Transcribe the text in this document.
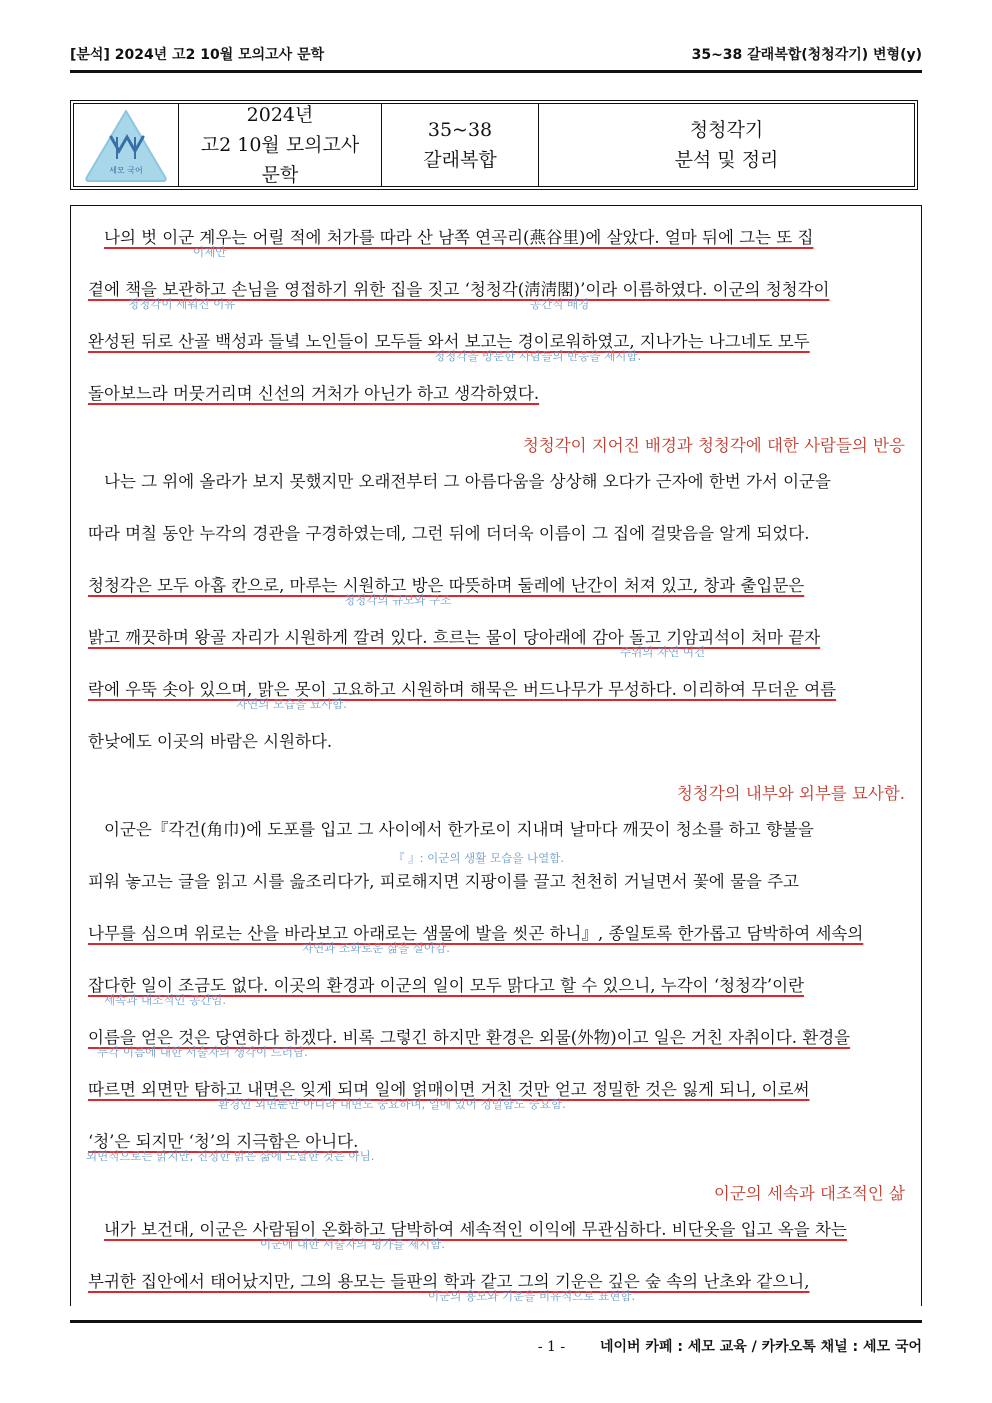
[분석] 2024년 고2 10월 모의고사 문학	35~38 갈래복합(청청각기) 변형(y)
세모 국어
2024년
고2 10월 모의고사
문학
35~38
갈래복합
청청각기
분석 및 정리
나의 벗 이군 계우는 어릴 적에 처가를 따라 산 남쪽 연곡리(燕谷里)에 살았다. 얼마 뒤에 그는 또 집
이제안
곁에 책을 보관하고 손님을 영접하기 위한 집을 짓고 ‘청청각(淸淸閣)’이라 이름하였다. 이군의 청청각이
청청각이 세워진 이유	공간적 배경
완성된 뒤로 산골 백성과 들녘 노인들이 모두들 와서 보고는 경이로워하였고, 지나가는 나그네도 모두
청청각을 방문한 사람들의 반응을 제시함.
돌아보느라 머뭇거리며 신선의 거처가 아닌가 하고 생각하였다.
청청각이 지어진 배경과 청청각에 대한 사람들의 반응
나는 그 위에 올라가 보지 못했지만 오래전부터 그 아름다움을 상상해 오다가 근자에 한번 가서 이군을
따라 며칠 동안 누각의 경관을 구경하였는데, 그런 뒤에 더더욱 이름이 그 집에 걸맞음을 알게 되었다.
청청각은 모두 아홉 칸으로, 마루는 시원하고 방은 따뜻하며 둘레에 난간이 처져 있고, 창과 출입문은
청청각의 규모와 구조
밝고 깨끗하며 왕골 자리가 시원하게 깔려 있다. 흐르는 물이 당아래에 감아 돌고 기암괴석이 처마 끝자
주위의 자연 여건
락에 우뚝 솟아 있으며, 맑은 못이 고요하고 시원하며 해묵은 버드나무가 무성하다. 이리하여 무더운 여름
자연의 모습을 묘사함.
한낮에도 이곳의 바람은 시원하다.
청청각의 내부와 외부를 묘사함.
이군은『각건(角巾)에 도포를 입고 그 사이에서 한가로이 지내며 날마다 깨끗이 청소를 하고 향불을
『 』: 이군의 생활 모습을 나열함.
피워 놓고는 글을 읽고 시를 읊조리다가, 피로해지면 지팡이를 끌고 천천히 거닐면서 꽃에 물을 주고
나무를 심으며 위로는 산을 바라보고 아래로는 샘물에 발을 씻곤 하니』, 종일토록 한가롭고 담박하여 세속의
자연과 조화로운 삶을 살아감.
잡다한 일이 조금도 없다. 이곳의 환경과 이군의 일이 모두 맑다고 할 수 있으니, 누각이 ‘청청각’이란
세속과 대조적인 공간임.
이름을 얻은 것은 당연하다 하겠다. 비록 그렇긴 하지만 환경은 외물(外物)이고 일은 거친 자취이다. 환경을
누각 이름에 대한 서술자의 생각이 드러남.
따르면 외면만 탐하고 내면은 잊게 되며 일에 얽매이면 거친 것만 얻고 정밀한 것은 잃게 되니, 이로써
환경인 외면뿐만 아니라 내면도 중요하며, 일에 있어 정밀함도 중요함.
‘청’은 되지만 ‘청’의 지극함은 아니다.
외면적으로는 맑지만, 진정한 맑은 삶에 도달한 것은 아님.
이군의 세속과 대조적인 삶
내가 보건대, 이군은 사람됨이 온화하고 담박하여 세속적인 이익에 무관심하다. 비단옷을 입고 옥을 차는
이군에 대한 서술자의 평가를 제시함.
부귀한 집안에서 태어났지만, 그의 용모는 들판의 학과 같고 그의 기운은 깊은 숲 속의 난초와 같으니,
이군의 용모와 기운을 비유적으로 표현함.
- 1 - 네이버 카페 : 세모 교육 / 카카오톡 채널 : 세모 국어
